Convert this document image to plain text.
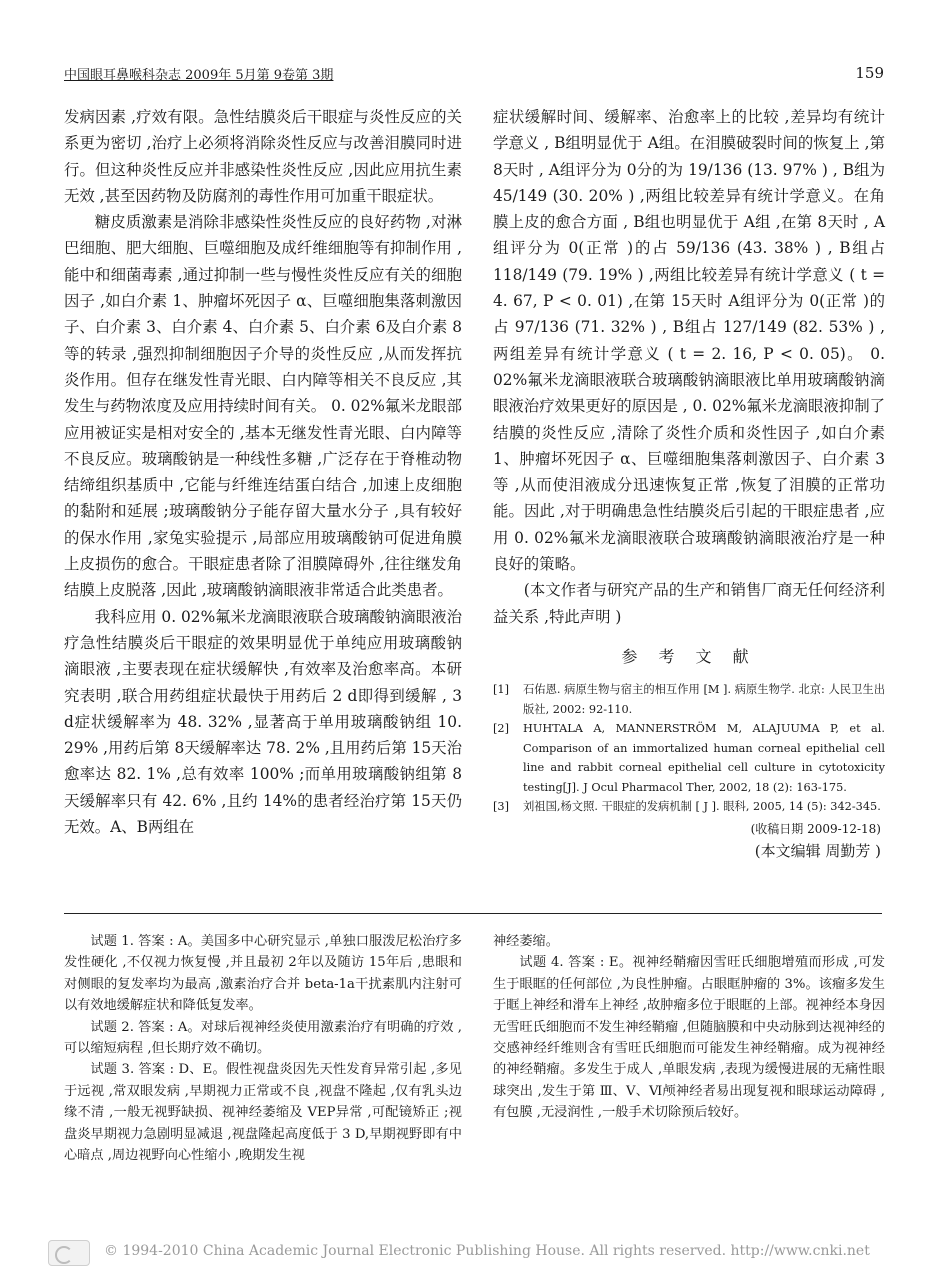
中国眼耳鼻喉科杂志 2009年 5月第 9卷第 3期	159

发病因素 ,疗效有限。急性结膜炎后干眼症与炎性反应的关系更为密切 ,治疗上必须将消除炎性反应与改善泪膜同时进行。但这种炎性反应并非感染性炎性反应 ,因此应用抗生素无效 ,甚至因药物及防腐剂的毒性作用可加重干眼症状。

糖皮质激素是消除非感染性炎性反应的良好药物 ,对淋巴细胞、肥大细胞、巨噬细胞及成纤维细胞等有抑制作用 ,能中和细菌毒素 ,通过抑制一些与慢性炎性反应有关的细胞因子 ,如白介素 1、肿瘤坏死因子 α、巨噬细胞集落刺激因子、白介素 3、白介素 4、白介素 5、白介素 6及白介素 8等的转录 ,强烈抑制细胞因子介导的炎性反应 ,从而发挥抗炎作用。但存在继发性青光眼、白内障等相关不良反应 ,其发生与药物浓度及应用持续时间有关。 0. 02%氟米龙眼部应用被证实是相对安全的 ,基本无继发性青光眼、白内障等不良反应。玻璃酸钠是一种线性多糖 ,广泛存在于脊椎动物结缔组织基质中 ,它能与纤维连结蛋白结合 ,加速上皮细胞的黏附和延展 ;玻璃酸钠分子能存留大量水分子 ,具有较好的保水作用 ,家兔实验提示 ,局部应用玻璃酸钠可促进角膜上皮损伤的愈合。干眼症患者除了泪膜障碍外 ,往往继发角结膜上皮脱落 ,因此 ,玻璃酸钠滴眼液非常适合此类患者。

我科应用 0. 02%氟米龙滴眼液联合玻璃酸钠滴眼液治疗急性结膜炎后干眼症的效果明显优于单纯应用玻璃酸钠滴眼液 ,主要表现在症状缓解快 ,有效率及治愈率高。本研究表明 ,联合用药组症状最快于用药后 2 d即得到缓解 , 3 d症状缓解率为 48. 32% ,显著高于单用玻璃酸钠组 10. 29% ,用药后第 8天缓解率达 78. 2% ,且用药后第 15天治愈率达 82. 1% ,总有效率 100% ;而单用玻璃酸钠组第 8天缓解率只有 42. 6% ,且约 14%的患者经治疗第 15天仍无效。A、B两组在

症状缓解时间、缓解率、治愈率上的比较 ,差异均有统计学意义 , B组明显优于 A组。在泪膜破裂时间的恢复上 ,第 8天时 , A组评分为 0分的为 19/136 (13. 97% ) , B组为 45/149 (30. 20% ) ,两组比较差异有统计学意义。在角膜上皮的愈合方面 , B组也明显优于 A组 ,在第 8天时 , A组评分为 0(正常 )的占 59/136 (43. 38% ) , B组占 118/149 (79. 19% ) ,两组比较差异有统计学意义 ( t = 4. 67, P < 0. 01) ,在第 15天时 A组评分为 0(正常 )的占 97/136 (71. 32% ) , B组占 127/149 (82. 53% ) ,两组差异有统计学意义 ( t = 2. 16, P < 0. 05)。 0. 02%氟米龙滴眼液联合玻璃酸钠滴眼液比单用玻璃酸钠滴眼液治疗效果更好的原因是 , 0. 02%氟米龙滴眼液抑制了结膜的炎性反应 ,清除了炎性介质和炎性因子 ,如白介素 1、肿瘤坏死因子 α、巨噬细胞集落刺激因子、白介素 3等 ,从而使泪液成分迅速恢复正常 ,恢复了泪膜的正常功能。因此 ,对于明确患急性结膜炎后引起的干眼症患者 ,应用 0. 02%氟米龙滴眼液联合玻璃酸钠滴眼液治疗是一种良好的策略。

(本文作者与研究产品的生产和销售厂商无任何经济利益关系 ,特此声明 )

参 考 文 献
[1]	石佑恩. 病原生物与宿主的相互作用 [M ]. 病原生物学. 北京: 人民卫生出版社, 2002: 92-110.
[2]	HUHTALA A, MANNERSTRÖM M, ALAJUUMA P, et al. Comparison of an immortalized human corneal epithelial cell line and rabbit corneal epithelial cell culture in cytotoxicity testing[J]. J Ocul Pharmacol Ther, 2002, 18 (2): 163-175.
[3]	刘祖国,杨文照. 干眼症的发病机制 [ J ]. 眼科, 2005, 14 (5): 342-345.
(收稿日期 2009-12-18)
(本文编辑 周勤芳 )

试题 1. 答案 : A。美国多中心研究显示 ,单独口服泼尼松治疗多发性硬化 ,不仅视力恢复慢 ,并且最初 2年以及随访 15年后 ,患眼和对侧眼的复发率均为最高 ,激素治疗合并 beta-1a干扰素肌内注射可以有效地缓解症状和降低复发率。

试题 2. 答案 : A。对球后视神经炎使用激素治疗有明确的疗效 ,可以缩短病程 ,但长期疗效不确切。

试题 3. 答案 : D、E。假性视盘炎因先天性发育异常引起 ,多见于远视 ,常双眼发病 ,早期视力正常或不良 ,视盘不隆起 ,仅有乳头边缘不清 ,一般无视野缺损、视神经萎缩及 VEP异常 ,可配镜矫正 ;视盘炎早期视力急剧明显减退 ,视盘隆起高度低于 3 D,早期视野即有中心暗点 ,周边视野向心性缩小 ,晚期发生视

神经萎缩。

试题 4. 答案 : E。视神经鞘瘤因雪旺氏细胞增殖而形成 ,可发生于眼眶的任何部位 ,为良性肿瘤。占眼眶肿瘤的 3%。该瘤多发生于眶上神经和滑车上神经 ,故肿瘤多位于眼眶的上部。视神经本身因无雪旺氏细胞而不发生神经鞘瘤 ,但随脑膜和中央动脉到达视神经的交感神经纤维则含有雪旺氏细胞而可能发生神经鞘瘤。成为视神经的神经鞘瘤。多发生于成人 ,单眼发病 ,表现为缓慢进展的无痛性眼球突出 ,发生于第 Ⅲ、Ⅴ、Ⅵ颅神经者易出现复视和眼球运动障碍 ,有包膜 ,无浸润性 ,一般手术切除预后较好。

© 1994-2010 China Academic Journal Electronic Publishing House. All rights reserved. http://www.cnki.net
